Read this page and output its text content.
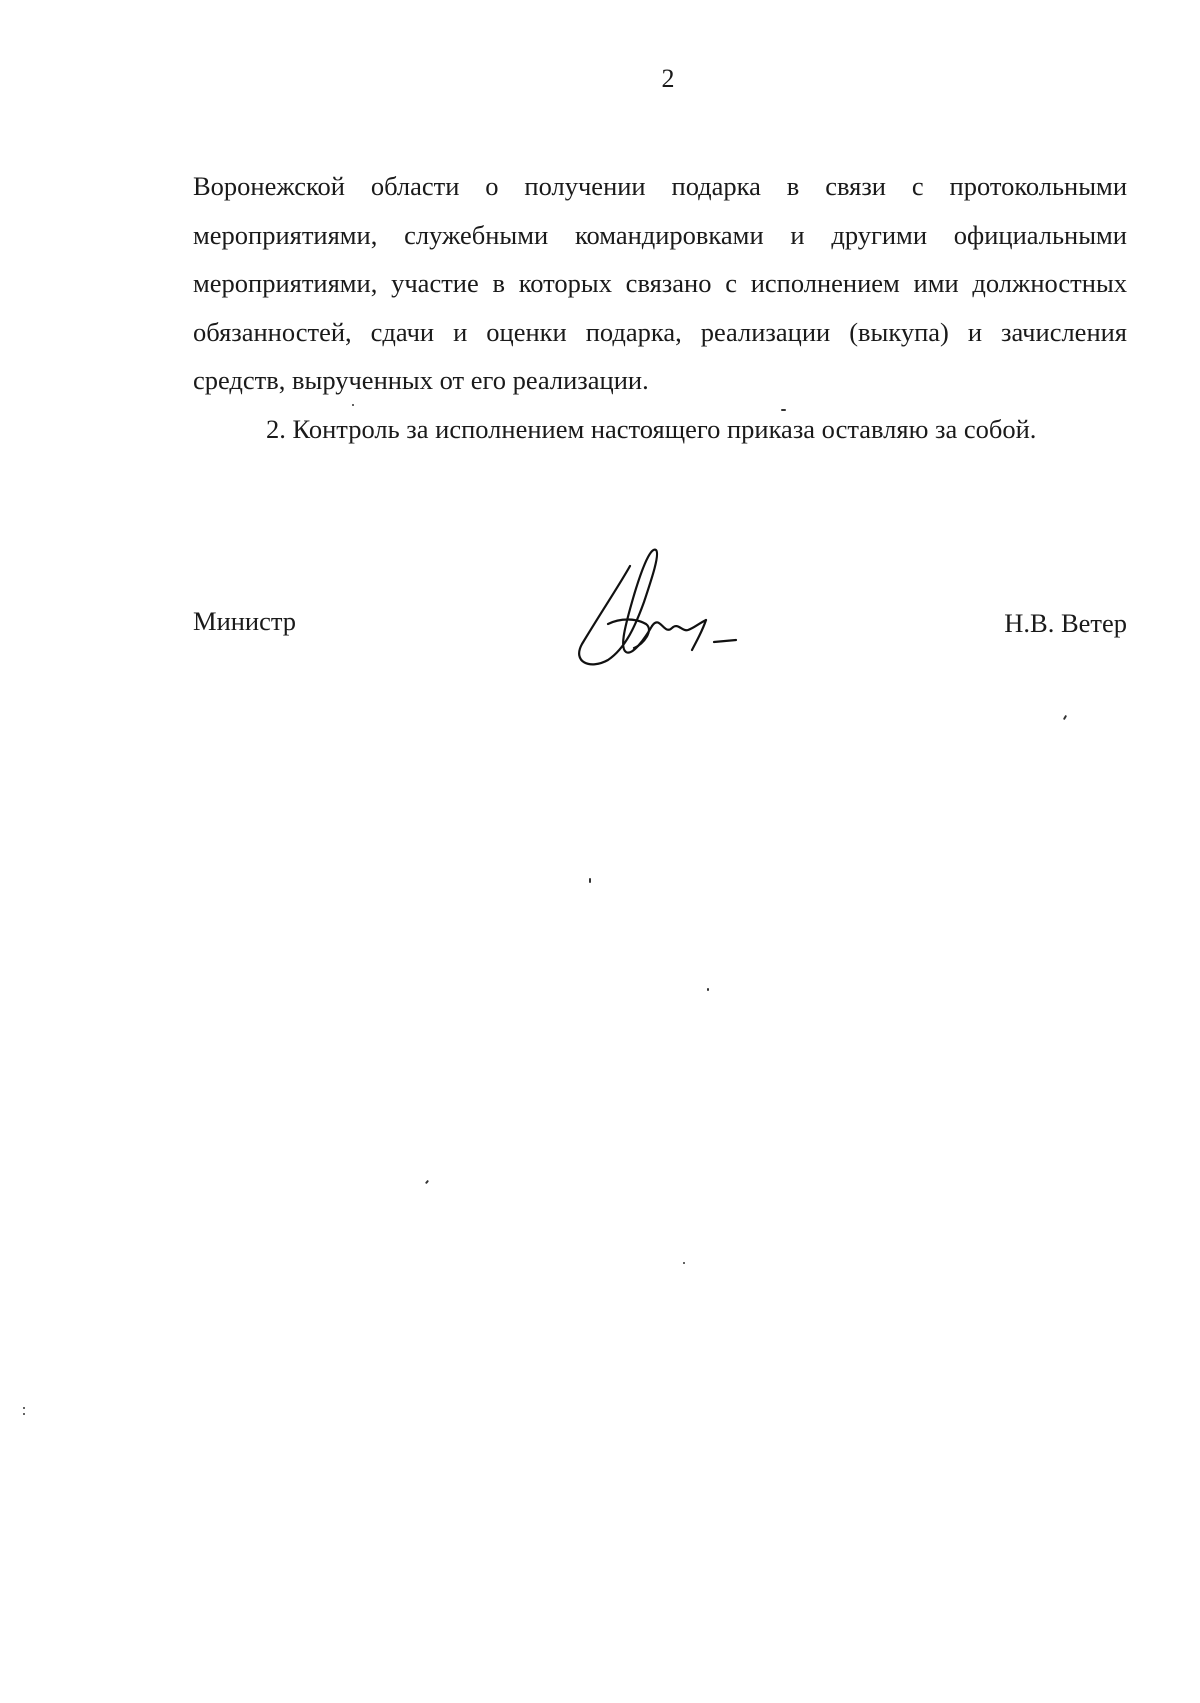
2
Воронежской области о получении подарка в связи с протокольными
мероприятиями, служебными командировками и другими официальными
мероприятиями, участие в которых связано с исполнением ими должностных
обязанностей, сдачи и оценки подарка, реализации (выкупа) и зачисления
средств, вырученных от его реализации.
2. Контроль за исполнением настоящего приказа оставляю за собой.
Министр	Н.В. Ветер
